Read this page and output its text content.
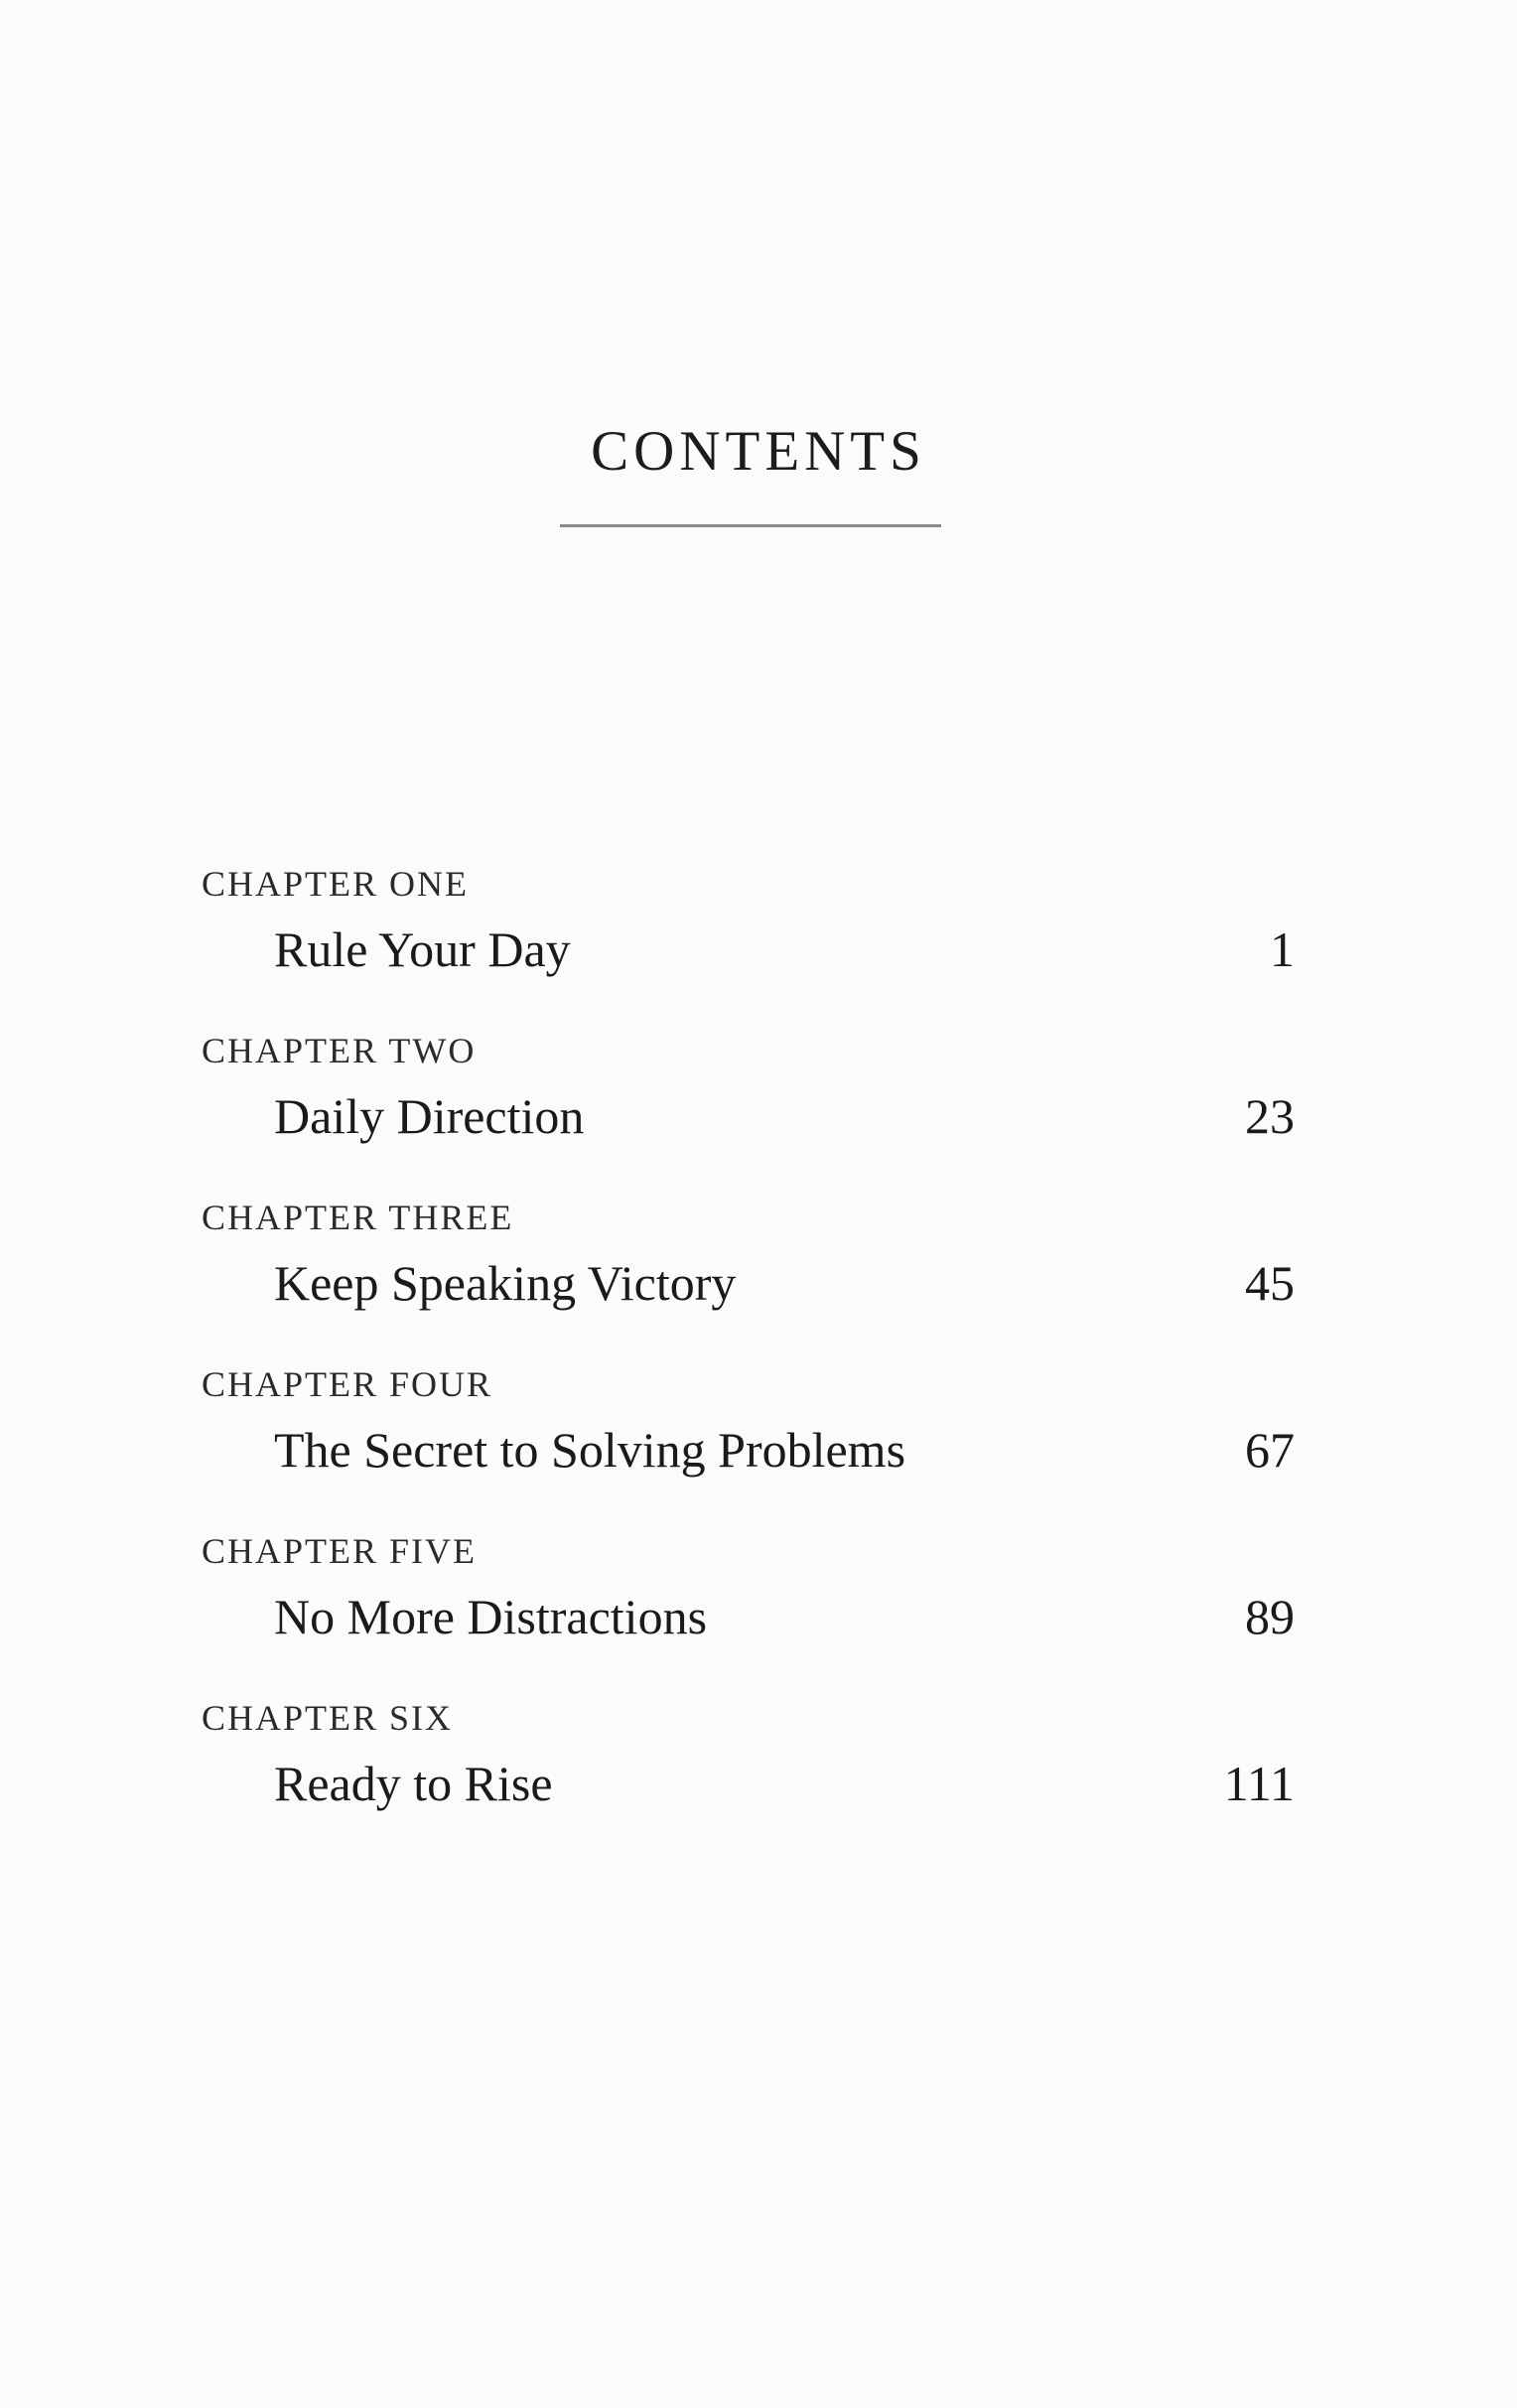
CONTENTS
CHAPTER ONE
Rule Your Day	1
CHAPTER TWO
Daily Direction	23
CHAPTER THREE
Keep Speaking Victory	45
CHAPTER FOUR
The Secret to Solving Problems	67
CHAPTER FIVE
No More Distractions	89
CHAPTER SIX
Ready to Rise	111
